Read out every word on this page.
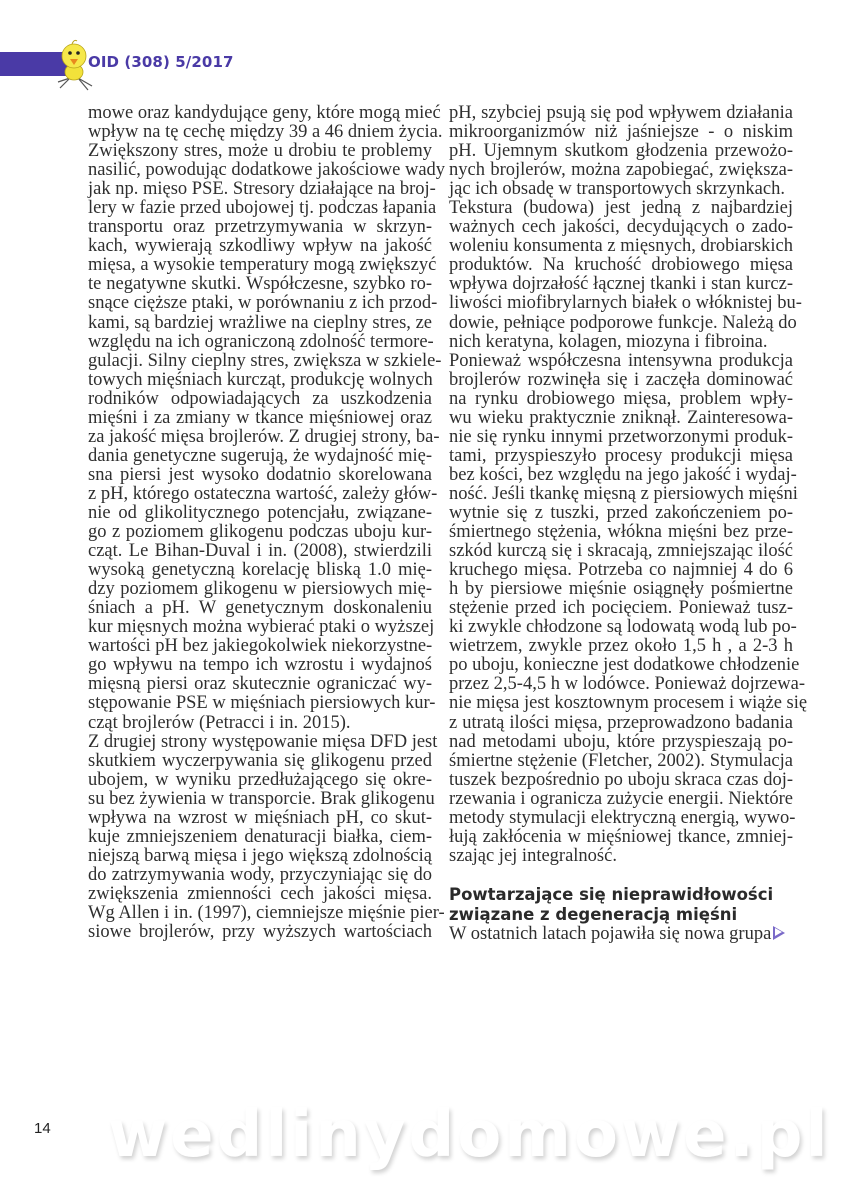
OID (308) 5/2017
mowe oraz kandydujące geny, które mogą mieć
wpływ na tę cechę między 39 a 46 dniem życia.
Zwiększony stres, może u drobiu te problemy
nasilić, powodując dodatkowe jakościowe wady
jak np. mięso PSE. Stresory działające na broj-
lery w fazie przed ubojowej tj. podczas łapania
transportu oraz przetrzymywania w skrzyn-
kach, wywierają szkodliwy wpływ na jakość
mięsa, a wysokie temperatury mogą zwiększyć
te negatywne skutki. Współczesne, szybko ro-
snące cięższe ptaki, w porównaniu z ich przod-
kami, są bardziej wrażliwe na cieplny stres, ze
względu na ich ograniczoną zdolność termore-
gulacji. Silny cieplny stres, zwiększa w szkiele-
towych mięśniach kurcząt, produkcję wolnych
rodników odpowiadających za uszkodzenia
mięśni i za zmiany w tkance mięśniowej oraz
za jakość mięsa brojlerów. Z drugiej strony, ba-
dania genetyczne sugerują, że wydajność mię-
sna piersi jest wysoko dodatnio skorelowana
z pH, którego ostateczna wartość, zależy głów-
nie od glikolitycznego potencjału, związane-
go z poziomem glikogenu podczas uboju kur-
cząt. Le Bihan-Duval i in. (2008), stwierdzili
wysoką genetyczną korelację bliską 1.0 mię-
dzy poziomem glikogenu w piersiowych mię-
śniach a pH. W genetycznym doskonaleniu
kur mięsnych można wybierać ptaki o wyższej
wartości pH bez jakiegokolwiek niekorzystne-
go wpływu na tempo ich wzrostu i wydajnoś
mięsną piersi oraz skutecznie ograniczać wy-
stępowanie PSE w mięśniach piersiowych kur-
cząt brojlerów (Petracci i in. 2015).
Z drugiej strony występowanie mięsa DFD jest
skutkiem wyczerpywania się glikogenu przed
ubojem, w wyniku przedłużającego się okre-
su bez żywienia w transporcie. Brak glikogenu
wpływa na wzrost w mięśniach pH, co skut-
kuje zmniejszeniem denaturacji białka, ciem-
niejszą barwą mięsa i jego większą zdolnością
do zatrzymywania wody, przyczyniając się do
zwiększenia zmienności cech jakości mięsa.
Wg Allen i in. (1997), ciemniejsze mięśnie pier-
siowe brojlerów, przy wyższych wartościach
pH, szybciej psują się pod wpływem działania
mikroorganizmów niż jaśniejsze - o niskim
pH. Ujemnym skutkom głodzenia przewożo-
nych brojlerów, można zapobiegać, zwiększa-
jąc ich obsadę w transportowych skrzynkach.
Tekstura (budowa) jest jedną z najbardziej
ważnych cech jakości, decydujących o zado-
woleniu konsumenta z mięsnych, drobiarskich
produktów. Na kruchość drobiowego mięsa
wpływa dojrzałość łącznej tkanki i stan kurcz-
liwości miofibrylarnych białek o włóknistej bu-
dowie, pełniące podporowe funkcje. Należą do
nich keratyna, kolagen, miozyna i fibroina.
Ponieważ współczesna intensywna produkcja
brojlerów rozwinęła się i zaczęła dominować
na rynku drobiowego mięsa, problem wpły-
wu wieku praktycznie zniknął. Zainteresowa-
nie się rynku innymi przetworzonymi produk-
tami, przyspieszyło procesy produkcji mięsa
bez kości, bez względu na jego jakość i wydaj-
ność. Jeśli tkankę mięsną z piersiowych mięśni
wytnie się z tuszki, przed zakończeniem po-
śmiertnego stężenia, włókna mięśni bez prze-
szkód kurczą się i skracają, zmniejszając ilość
kruchego mięsa. Potrzeba co najmniej 4 do 6
h by piersiowe mięśnie osiągnęły pośmiertne
stężenie przed ich pocięciem. Ponieważ tusz-
ki zwykle chłodzone są lodowatą wodą lub po-
wietrzem, zwykle przez około 1,5 h , a 2-3 h
po uboju, konieczne jest dodatkowe chłodzenie
przez 2,5-4,5 h w lodówce. Ponieważ dojrzewa-
nie mięsa jest kosztownym procesem i wiąże się
z utratą ilości mięsa, przeprowadzono badania
nad metodami uboju, które przyspieszają po-
śmiertne stężenie (Fletcher, 2002). Stymulacja
tuszek bezpośrednio po uboju skraca czas doj-
rzewania i ogranicza zużycie energii. Niektóre
metody stymulacji elektryczną energią, wywo-
łują zakłócenia w mięśniowej tkance, zmniej-
szając jej integralność.
Powtarzające się nieprawidłowości
związane z degeneracją mięśni
W ostatnich latach pojawiła się nowa grupa
wedlinydomowe.pl
14
